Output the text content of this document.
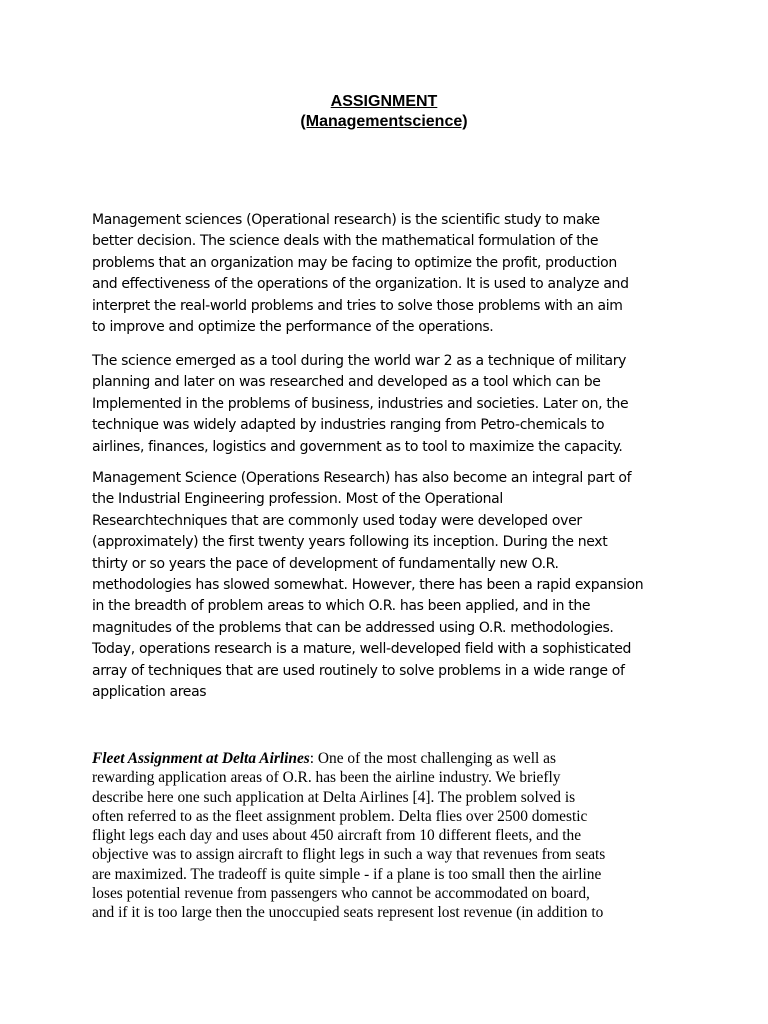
ASSIGNMENT
(Managementscience)
Management sciences (Operational research) is the scientific study to make
better decision. The science deals with the mathematical formulation of the
problems that an organization may be facing to optimize the profit, production
and effectiveness of the operations of the organization. It is used to analyze and
interpret the real-world problems and tries to solve those problems with an aim
to improve and optimize the performance of the operations.
The science emerged as a tool during the world war 2 as a technique of military
planning and later on was researched and developed as a tool which can be
Implemented in the problems of business, industries and societies. Later on, the
technique was widely adapted by industries ranging from Petro-chemicals to
airlines, finances, logistics and government as to tool to maximize the capacity.
Management Science (Operations Research) has also become an integral part of
the Industrial Engineering profession. Most of the Operational
Researchtechniques that are commonly used today were developed over
(approximately) the first twenty years following its inception. During the next
thirty or so years the pace of development of fundamentally new O.R.
methodologies has slowed somewhat. However, there has been a rapid expansion
in the breadth of problem areas to which O.R. has been applied, and in the
magnitudes of the problems that can be addressed using O.R. methodologies.
Today, operations research is a mature, well-developed field with a sophisticated
array of techniques that are used routinely to solve problems in a wide range of
application areas
Fleet Assignment at Delta Airlines: One of the most challenging as well as
rewarding application areas of O.R. has been the airline industry. We briefly
describe here one such application at Delta Airlines [4]. The problem solved is
often referred to as the fleet assignment problem. Delta flies over 2500 domestic
flight legs each day and uses about 450 aircraft from 10 different fleets, and the
objective was to assign aircraft to flight legs in such a way that revenues from seats
are maximized. The tradeoff is quite simple - if a plane is too small then the airline
loses potential revenue from passengers who cannot be accommodated on board,
and if it is too large then the unoccupied seats represent lost revenue (in addition to
